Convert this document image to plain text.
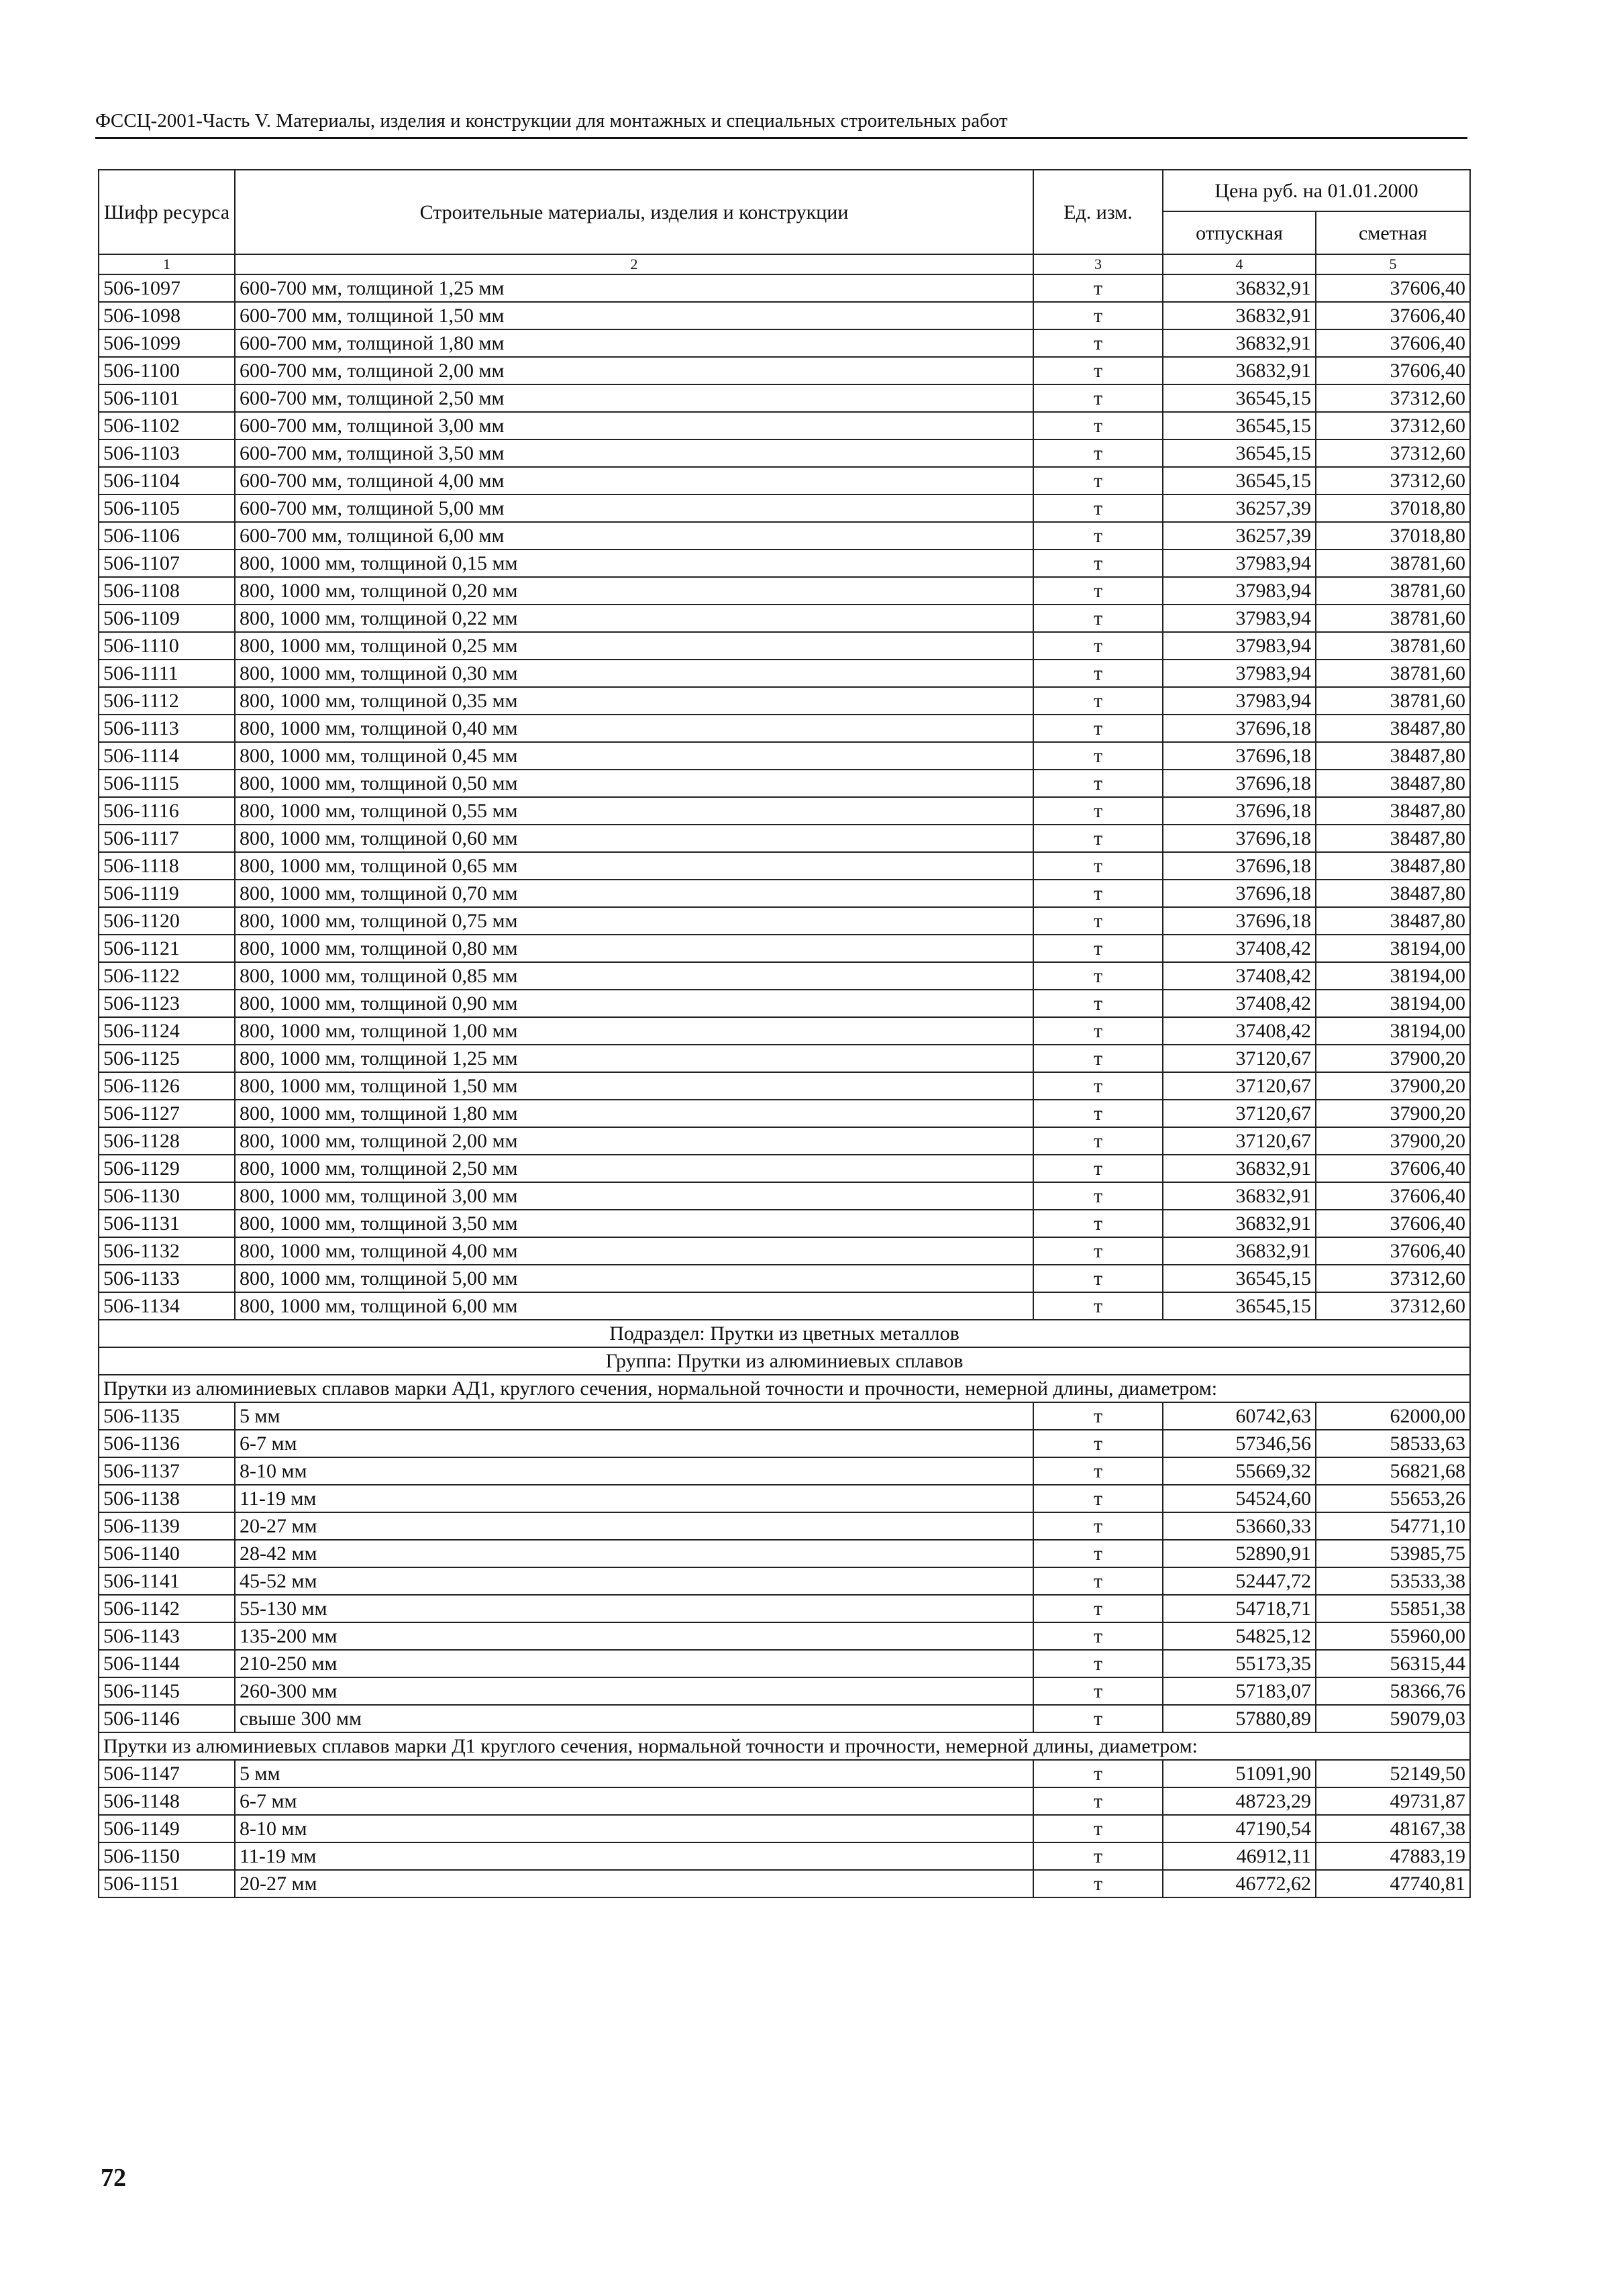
ФССЦ-2001-Часть V. Материалы, изделия и конструкции для монтажных и специальных строительных работ
Шифр ресурса	Строительные материалы, изделия и конструкции	Ед. изм.	Цена руб. на 01.01.2000	
			отпускная	сметная
1	2	3	4	5
506-1097	600-700 мм, толщиной 1,25 мм	т	36832,91	37606,40
506-1098	600-700 мм, толщиной 1,50 мм	т	36832,91	37606,40
506-1099	600-700 мм, толщиной 1,80 мм	т	36832,91	37606,40
506-1100	600-700 мм, толщиной 2,00 мм	т	36832,91	37606,40
506-1101	600-700 мм, толщиной 2,50 мм	т	36545,15	37312,60
506-1102	600-700 мм, толщиной 3,00 мм	т	36545,15	37312,60
506-1103	600-700 мм, толщиной 3,50 мм	т	36545,15	37312,60
506-1104	600-700 мм, толщиной 4,00 мм	т	36545,15	37312,60
506-1105	600-700 мм, толщиной 5,00 мм	т	36257,39	37018,80
506-1106	600-700 мм, толщиной 6,00 мм	т	36257,39	37018,80
506-1107	800, 1000 мм, толщиной 0,15 мм	т	37983,94	38781,60
506-1108	800, 1000 мм, толщиной 0,20 мм	т	37983,94	38781,60
506-1109	800, 1000 мм, толщиной 0,22 мм	т	37983,94	38781,60
506-1110	800, 1000 мм, толщиной 0,25 мм	т	37983,94	38781,60
506-1111	800, 1000 мм, толщиной 0,30 мм	т	37983,94	38781,60
506-1112	800, 1000 мм, толщиной 0,35 мм	т	37983,94	38781,60
506-1113	800, 1000 мм, толщиной 0,40 мм	т	37696,18	38487,80
506-1114	800, 1000 мм, толщиной 0,45 мм	т	37696,18	38487,80
506-1115	800, 1000 мм, толщиной 0,50 мм	т	37696,18	38487,80
506-1116	800, 1000 мм, толщиной 0,55 мм	т	37696,18	38487,80
506-1117	800, 1000 мм, толщиной 0,60 мм	т	37696,18	38487,80
506-1118	800, 1000 мм, толщиной 0,65 мм	т	37696,18	38487,80
506-1119	800, 1000 мм, толщиной 0,70 мм	т	37696,18	38487,80
506-1120	800, 1000 мм, толщиной 0,75 мм	т	37696,18	38487,80
506-1121	800, 1000 мм, толщиной 0,80 мм	т	37408,42	38194,00
506-1122	800, 1000 мм, толщиной 0,85 мм	т	37408,42	38194,00
506-1123	800, 1000 мм, толщиной 0,90 мм	т	37408,42	38194,00
506-1124	800, 1000 мм, толщиной 1,00 мм	т	37408,42	38194,00
506-1125	800, 1000 мм, толщиной 1,25 мм	т	37120,67	37900,20
506-1126	800, 1000 мм, толщиной 1,50 мм	т	37120,67	37900,20
506-1127	800, 1000 мм, толщиной 1,80 мм	т	37120,67	37900,20
506-1128	800, 1000 мм, толщиной 2,00 мм	т	37120,67	37900,20
506-1129	800, 1000 мм, толщиной 2,50 мм	т	36832,91	37606,40
506-1130	800, 1000 мм, толщиной 3,00 мм	т	36832,91	37606,40
506-1131	800, 1000 мм, толщиной 3,50 мм	т	36832,91	37606,40
506-1132	800, 1000 мм, толщиной 4,00 мм	т	36832,91	37606,40
506-1133	800, 1000 мм, толщиной 5,00 мм	т	36545,15	37312,60
506-1134	800, 1000 мм, толщиной 6,00 мм	т	36545,15	37312,60
Подраздел: Прутки из цветных металлов				
Группа: Прутки из алюминиевых сплавов				
Прутки из алюминиевых сплавов марки АД1, круглого сечения, нормальной точности и прочности, немерной длины, диаметром:				
506-1135	5 мм	т	60742,63	62000,00
506-1136	6-7 мм	т	57346,56	58533,63
506-1137	8-10 мм	т	55669,32	56821,68
506-1138	11-19 мм	т	54524,60	55653,26
506-1139	20-27 мм	т	53660,33	54771,10
506-1140	28-42 мм	т	52890,91	53985,75
506-1141	45-52 мм	т	52447,72	53533,38
506-1142	55-130 мм	т	54718,71	55851,38
506-1143	135-200 мм	т	54825,12	55960,00
506-1144	210-250 мм	т	55173,35	56315,44
506-1145	260-300 мм	т	57183,07	58366,76
506-1146	свыше 300 мм	т	57880,89	59079,03
Прутки из алюминиевых сплавов марки Д1 круглого сечения, нормальной точности и прочности, немерной длины, диаметром:				
506-1147	5 мм	т	51091,90	52149,50
506-1148	6-7 мм	т	48723,29	49731,87
506-1149	8-10 мм	т	47190,54	48167,38
506-1150	11-19 мм	т	46912,11	47883,19
506-1151	20-27 мм	т	46772,62	47740,81
72
